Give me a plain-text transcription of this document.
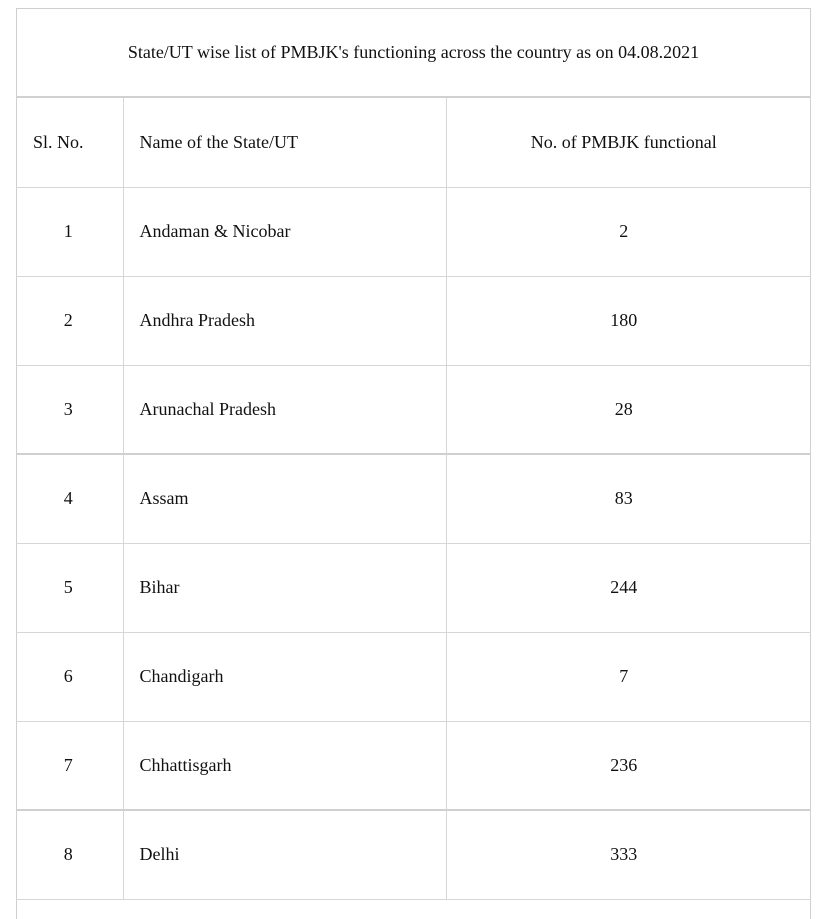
State/UT wise list of PMBJK's functioning across the country as on 04.08.2021
Sl. No.	Name of the State/UT	No. of PMBJK functional
1	Andaman & Nicobar	2
2	Andhra Pradesh	180
3	Arunachal Pradesh	28
4	Assam	83
5	Bihar	244
6	Chandigarh	7
7	Chhattisgarh	236
8	Delhi	333
